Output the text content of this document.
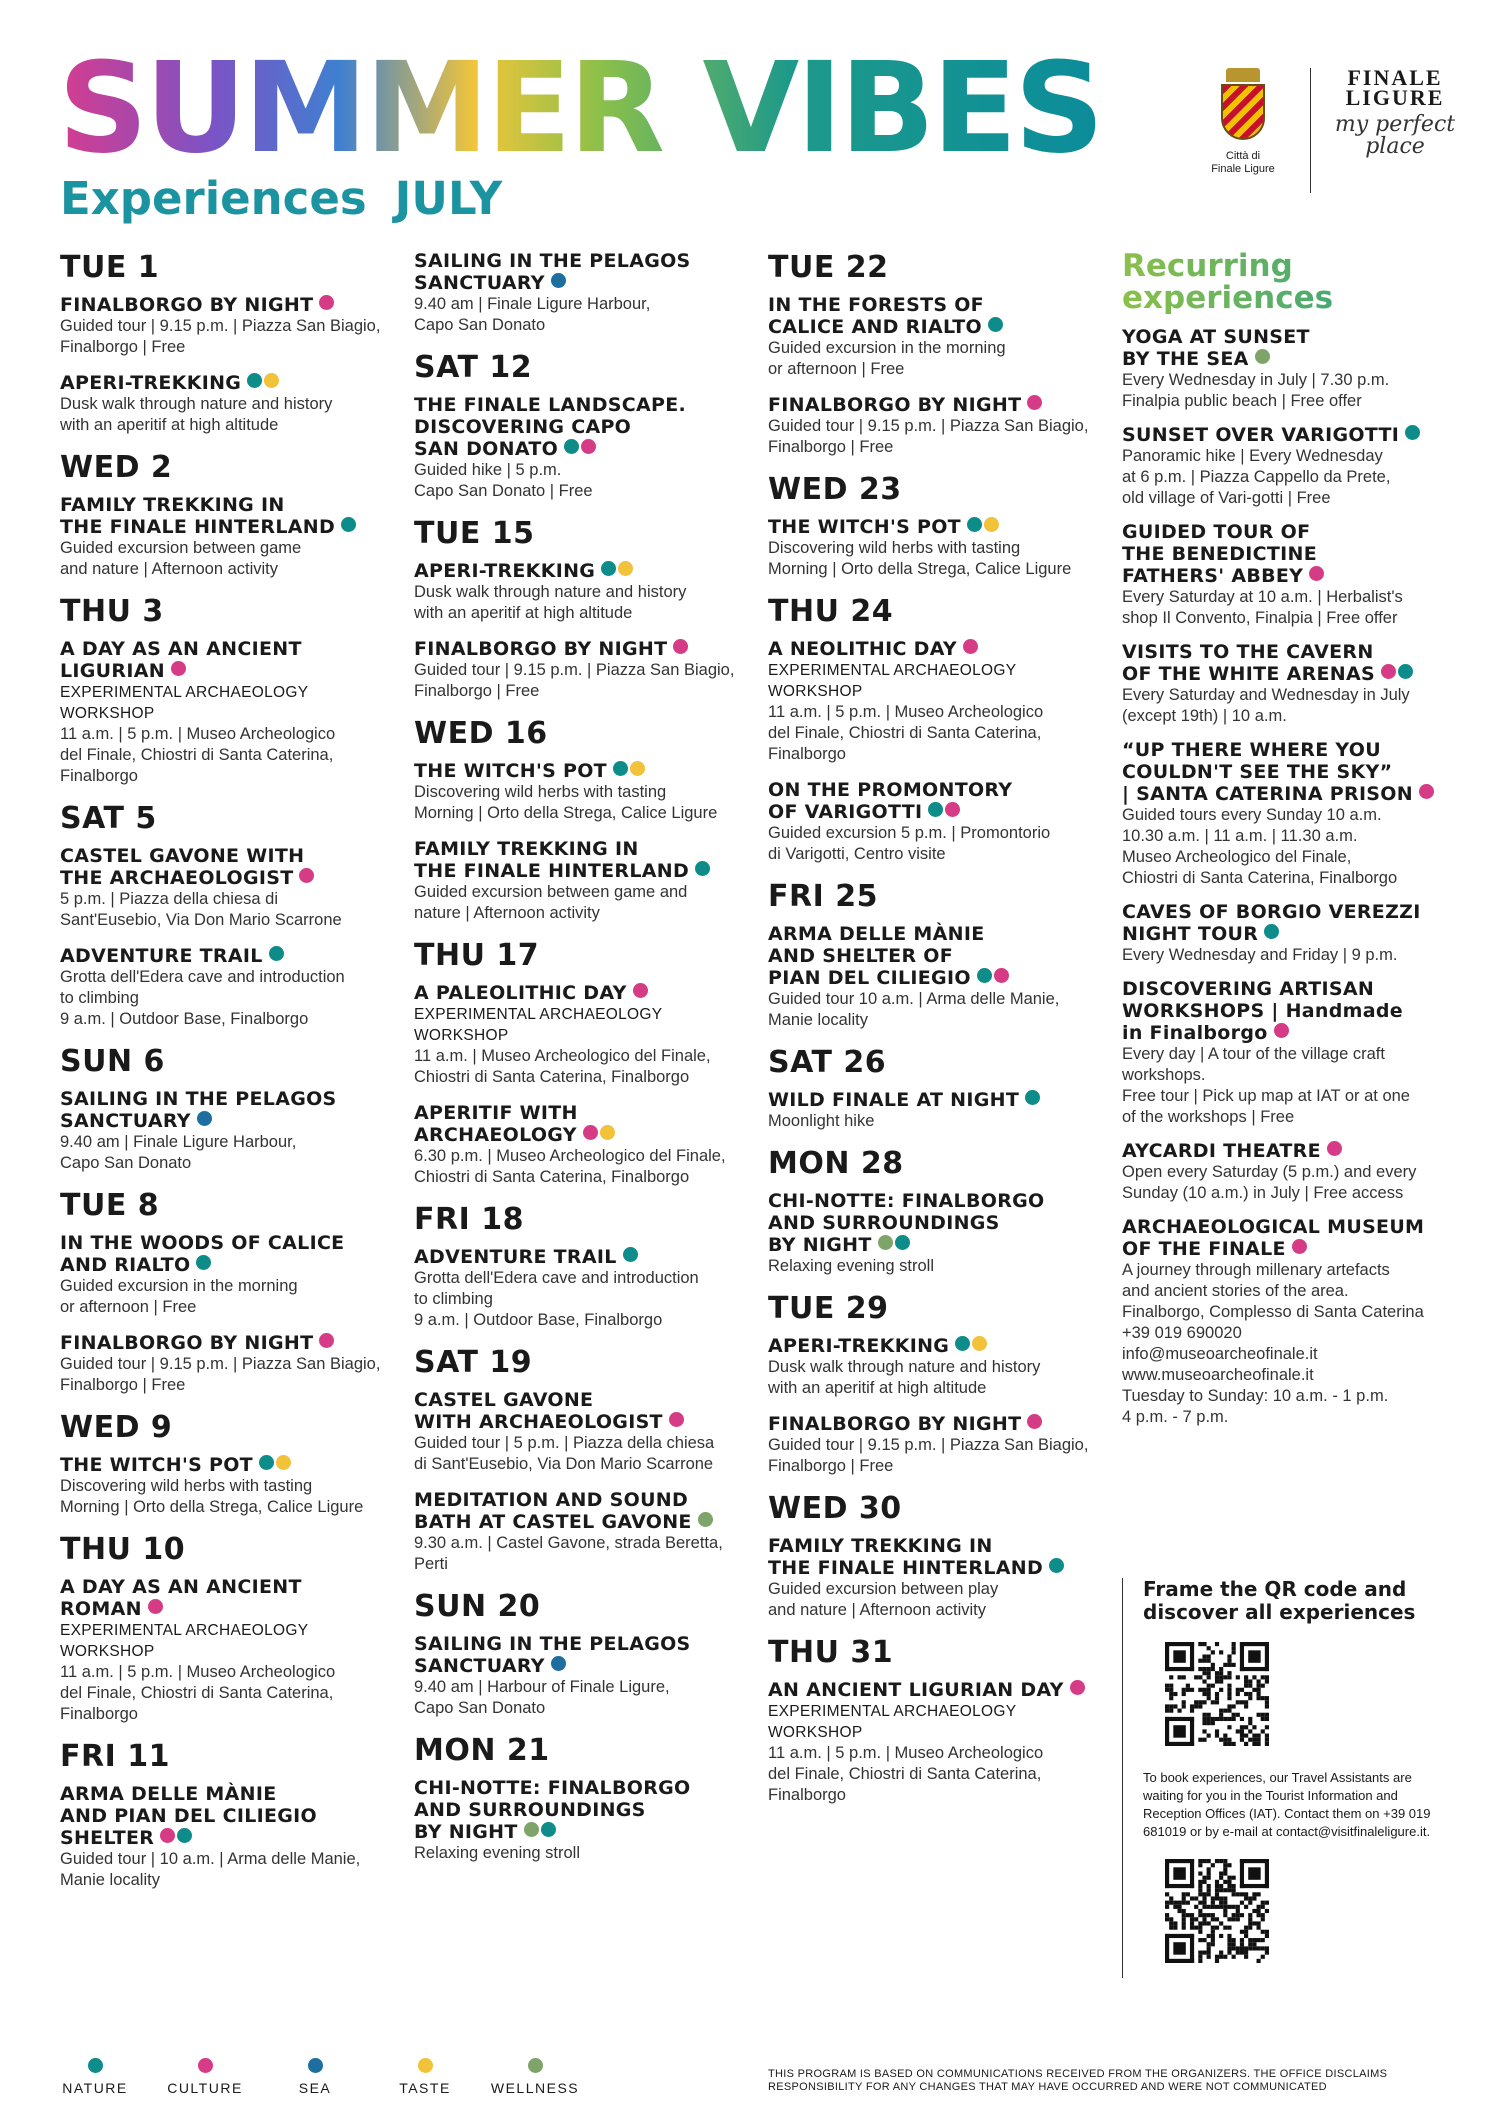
SUMMER VIBES
Experiences JULY
Città di
Finale Ligure
FINALE
LIGURE
my perfect place
TUE 1
FINALBORGO BY NIGHT
Guided tour | 9.15 p.m. | Piazza San Biagio,
Finalborgo | Free
APERI-TREKKING
Dusk walk through nature and history
with an aperitif at high altitude
WED 2
FAMILY TREKKING IN
THE FINALE HINTERLAND
Guided excursion between game
and nature | Afternoon activity
THU 3
A DAY AS AN ANCIENT
LIGURIAN
EXPERIMENTAL ARCHAEOLOGY
WORKSHOP
11 a.m. | 5 p.m. | Museo Archeologico
del Finale, Chiostri di Santa Caterina,
Finalborgo
SAT 5
CASTEL GAVONE WITH
THE ARCHAEOLOGIST
5 p.m. | Piazza della chiesa di
Sant'Eusebio, Via Don Mario Scarrone
ADVENTURE TRAIL
Grotta dell'Edera cave and introduction
to climbing
9 a.m. | Outdoor Base, Finalborgo
SUN 6
SAILING IN THE PELAGOS
SANCTUARY
9.40 am | Finale Ligure Harbour,
Capo San Donato
TUE 8
IN THE WOODS OF CALICE
AND RIALTO
Guided excursion in the morning
or afternoon | Free
FINALBORGO BY NIGHT
Guided tour | 9.15 p.m. | Piazza San Biagio,
Finalborgo | Free
WED 9
THE WITCH'S POT
Discovering wild herbs with tasting
Morning | Orto della Strega, Calice Ligure
THU 10
A DAY AS AN ANCIENT
ROMAN
EXPERIMENTAL ARCHAEOLOGY
WORKSHOP
11 a.m. | 5 p.m. | Museo Archeologico
del Finale, Chiostri di Santa Caterina,
Finalborgo
FRI 11
ARMA DELLE MÀNIE
AND PIAN DEL CILIEGIO
SHELTER
Guided tour | 10 a.m. | Arma delle Manie,
Manie locality
SAILING IN THE PELAGOS
SANCTUARY
9.40 am | Finale Ligure Harbour,
Capo San Donato
SAT 12
THE FINALE LANDSCAPE.
DISCOVERING CAPO
SAN DONATO
Guided hike | 5 p.m.
Capo San Donato | Free
TUE 15
APERI-TREKKING
Dusk walk through nature and history
with an aperitif at high altitude
FINALBORGO BY NIGHT
Guided tour | 9.15 p.m. | Piazza San Biagio,
Finalborgo | Free
WED 16
THE WITCH'S POT
Discovering wild herbs with tasting
Morning | Orto della Strega, Calice Ligure
FAMILY TREKKING IN
THE FINALE HINTERLAND
Guided excursion between game and
nature | Afternoon activity
THU 17
A PALEOLITHIC DAY
EXPERIMENTAL ARCHAEOLOGY
WORKSHOP
11 a.m. | Museo Archeologico del Finale,
Chiostri di Santa Caterina, Finalborgo
APERITIF WITH
ARCHAEOLOGY
6.30 p.m. | Museo Archeologico del Finale,
Chiostri di Santa Caterina, Finalborgo
FRI 18
ADVENTURE TRAIL
Grotta dell'Edera cave and introduction
to climbing
9 a.m. | Outdoor Base, Finalborgo
SAT 19
CASTEL GAVONE
WITH ARCHAEOLOGIST
Guided tour | 5 p.m. | Piazza della chiesa
di Sant'Eusebio, Via Don Mario Scarrone
MEDITATION AND SOUND
BATH AT CASTEL GAVONE
9.30 a.m. | Castel Gavone, strada Beretta,
Perti
SUN 20
SAILING IN THE PELAGOS
SANCTUARY
9.40 am | Harbour of Finale Ligure,
Capo San Donato
MON 21
CHI-NOTTE: FINALBORGO
AND SURROUNDINGS
BY NIGHT
Relaxing evening stroll
TUE 22
IN THE FORESTS OF
CALICE AND RIALTO
Guided excursion in the morning
or afternoon | Free
FINALBORGO BY NIGHT
Guided tour | 9.15 p.m. | Piazza San Biagio,
Finalborgo | Free
WED 23
THE WITCH'S POT
Discovering wild herbs with tasting
Morning | Orto della Strega, Calice Ligure
THU 24
A NEOLITHIC DAY
EXPERIMENTAL ARCHAEOLOGY
WORKSHOP
11 a.m. | 5 p.m. | Museo Archeologico
del Finale, Chiostri di Santa Caterina,
Finalborgo
ON THE PROMONTORY
OF VARIGOTTI
Guided excursion 5 p.m. | Promontorio
di Varigotti, Centro visite
FRI 25
ARMA DELLE MÀNIE
AND SHELTER OF
PIAN DEL CILIEGIO
Guided tour 10 a.m. | Arma delle Manie,
Manie locality
SAT 26
WILD FINALE AT NIGHT
Moonlight hike
MON 28
CHI-NOTTE: FINALBORGO
AND SURROUNDINGS
BY NIGHT
Relaxing evening stroll
TUE 29
APERI-TREKKING
Dusk walk through nature and history
with an aperitif at high altitude
FINALBORGO BY NIGHT
Guided tour | 9.15 p.m. | Piazza San Biagio,
Finalborgo | Free
WED 30
FAMILY TREKKING IN
THE FINALE HINTERLAND
Guided excursion between play
and nature | Afternoon activity
THU 31
AN ANCIENT LIGURIAN DAY
EXPERIMENTAL ARCHAEOLOGY
WORKSHOP
11 a.m. | 5 p.m. | Museo Archeologico
del Finale, Chiostri di Santa Caterina,
Finalborgo
Recurring
experiences
YOGA AT SUNSET
BY THE SEA
Every Wednesday in July | 7.30 p.m.
Finalpia public beach | Free offer
SUNSET OVER VARIGOTTI
Panoramic hike | Every Wednesday
at 6 p.m. | Piazza Cappello da Prete,
old village of Vari-gotti | Free
GUIDED TOUR OF
THE BENEDICTINE
FATHERS' ABBEY
Every Saturday at 10 a.m. | Herbalist's
shop Il Convento, Finalpia | Free offer
VISITS TO THE CAVERN
OF THE WHITE ARENAS
Every Saturday and Wednesday in July
(except 19th) | 10 a.m.
“UP THERE WHERE YOU
COULDN'T SEE THE SKY”
| SANTA CATERINA PRISON
Guided tours every Sunday 10 a.m.
10.30 a.m. | 11 a.m. | 11.30 a.m.
Museo Archeologico del Finale,
Chiostri di Santa Caterina, Finalborgo
CAVES OF BORGIO VEREZZI
NIGHT TOUR
Every Wednesday and Friday | 9 p.m.
DISCOVERING ARTISAN
WORKSHOPS | Handmade
in Finalborgo
Every day | A tour of the village craft
workshops.
Free tour | Pick up map at IAT or at one
of the workshops | Free
AYCARDI THEATRE
Open every Saturday (5 p.m.) and every
Sunday (10 a.m.) in July | Free access
ARCHAEOLOGICAL MUSEUM
OF THE FINALE
A journey through millenary artefacts
and ancient stories of the area.
Finalborgo, Complesso di Santa Caterina
+39 019 690020
info@museoarcheofinale.it
www.museoarcheofinale.it
Tuesday to Sunday: 10 a.m. - 1 p.m.
4 p.m. - 7 p.m.
Frame the QR code and
discover all experiences
To book experiences, our Travel Assistants are waiting for you in the Tourist Information and Reception Offices (IAT). Contact them on +39 019 681019 or by e-mail at contact@visitfinaleligure.it.
NATURE	CULTURE	SEA	TASTE	WELLNESS
THIS PROGRAM IS BASED ON COMMUNICATIONS RECEIVED FROM THE ORGANIZERS. THE OFFICE DISCLAIMS RESPONSIBILITY FOR ANY CHANGES THAT MAY HAVE OCCURRED AND WERE NOT COMMUNICATED
